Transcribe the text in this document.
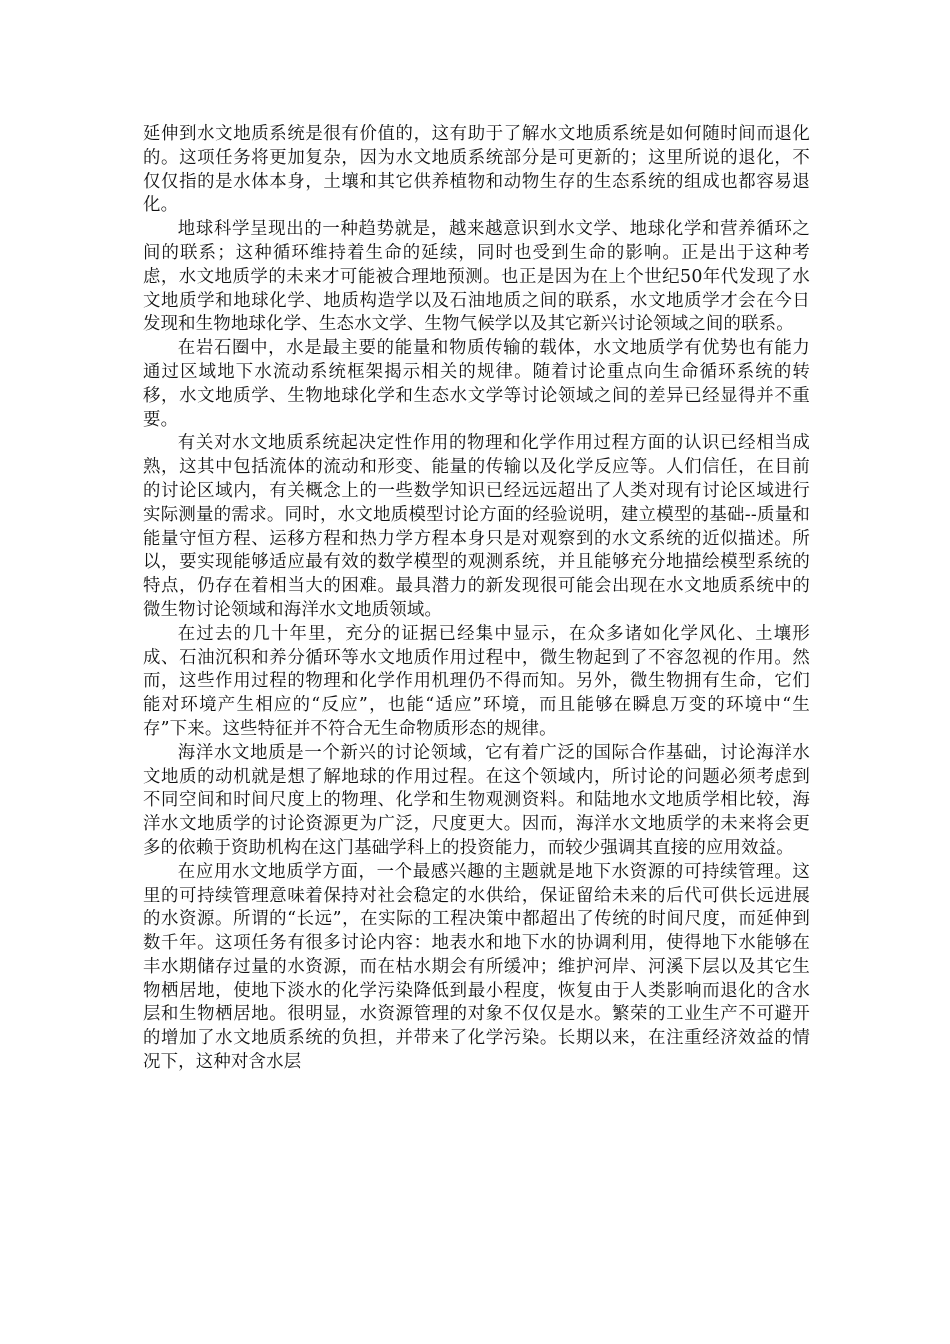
延伸到水文地质系统是很有价值的，这有助于了解水文地质系统是如何随时间而退化的。这项任务将更加复杂，因为水文地质系统部分是可更新的；这里所说的退化，不仅仅指的是水体本身，土壤和其它供养植物和动物生存的生态系统的组成也都容易退化。

地球科学呈现出的一种趋势就是，越来越意识到水文学、地球化学和营养循环之间的联系；这种循环维持着生命的延续，同时也受到生命的影响。正是出于这种考虑，水文地质学的未来才可能被合理地预测。也正是因为在上个世纪50年代发现了水文地质学和地球化学、地质构造学以及石油地质之间的联系，水文地质学才会在今日发现和生物地球化学、生态水文学、生物气候学以及其它新兴讨论领域之间的联系。

在岩石圈中，水是最主要的能量和物质传输的载体，水文地质学有优势也有能力通过区域地下水流动系统框架揭示相关的规律。随着讨论重点向生命循环系统的转移，水文地质学、生物地球化学和生态水文学等讨论领域之间的差异已经显得并不重要。

有关对水文地质系统起决定性作用的物理和化学作用过程方面的认识已经相当成熟，这其中包括流体的流动和形变、能量的传输以及化学反应等。人们信任，在目前的讨论区域内，有关概念上的一些数学知识已经远远超出了人类对现有讨论区域进行实际测量的需求。同时，水文地质模型讨论方面的经验说明，建立模型的基础--质量和能量守恒方程、运移方程和热力学方程本身只是对观察到的水文系统的近似描述。所以，要实现能够适应最有效的数学模型的观测系统，并且能够充分地描绘模型系统的特点，仍存在着相当大的困难。最具潜力的新发现很可能会出现在水文地质系统中的微生物讨论领域和海洋水文地质领域。

在过去的几十年里，充分的证据已经集中显示，在众多诸如化学风化、土壤形成、石油沉积和养分循环等水文地质作用过程中，微生物起到了不容忽视的作用。然而，这些作用过程的物理和化学作用机理仍不得而知。另外，微生物拥有生命，它们能对环境产生相应的“反应”，也能“适应”环境，而且能够在瞬息万变的环境中“生存”下来。这些特征并不符合无生命物质形态的规律。

海洋水文地质是一个新兴的讨论领域，它有着广泛的国际合作基础，讨论海洋水文地质的动机就是想了解地球的作用过程。在这个领域内，所讨论的问题必须考虑到不同空间和时间尺度上的物理、化学和生物观测资料。和陆地水文地质学相比较，海洋水文地质学的讨论资源更为广泛，尺度更大。因而，海洋水文地质学的未来将会更多的依赖于资助机构在这门基础学科上的投资能力，而较少强调其直接的应用效益。

在应用水文地质学方面，一个最感兴趣的主题就是地下水资源的可持续管理。这里的可持续管理意味着保持对社会稳定的水供给，保证留给未来的后代可供长远进展的水资源。所谓的“长远”，在实际的工程决策中都超出了传统的时间尺度，而延伸到数千年。这项任务有很多讨论内容：地表水和地下水的协调利用，使得地下水能够在丰水期储存过量的水资源，而在枯水期会有所缓冲；维护河岸、河溪下层以及其它生物栖居地，使地下淡水的化学污染降低到最小程度，恢复由于人类影响而退化的含水层和生物栖居地。很明显，水资源管理的对象不仅仅是水。繁荣的工业生产不可避开的增加了水文地质系统的负担，并带来了化学污染。长期以来，在注重经济效益的情况下，这种对含水层
